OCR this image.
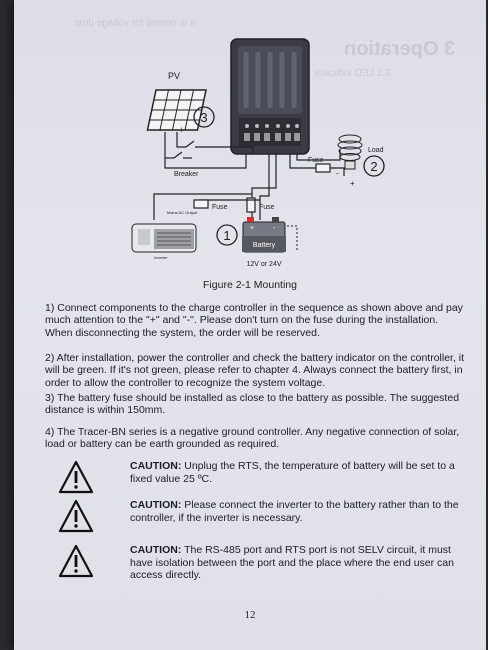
3 Operation
3.1 LED indicator
It is normal for voltage drop
PV
3
- +
Breaker
Fuse
Load
2
-
+
Fuse	Fuse
+	-
Battery
12V or 24V
1
Mains AC Output
Inverter
Figure 2-1 Mounting
1) Connect components to the charge controller in the sequence as shown above and pay much attention to the "+" and "-". Please don't turn on the fuse during the installation. When disconnecting the system, the order will be reserved.
2) After installation, power the controller and check the battery indicator on the controller, it will be green. If it's not green, please refer to chapter 4. Always connect the battery first, in order to allow the controller to recognize the system voltage.
3) The battery fuse should be installed as close to the battery as possible. The suggested distance is within 150mm.
4) The Tracer-BN series is a negative ground controller. Any negative connection of solar, load or battery can be earth grounded as required.
CAUTION: Unplug the RTS, the temperature of battery will be set to a fixed value 25 ºC.
CAUTION: Please connect the inverter to the battery rather than to the controller, if the inverter is necessary.
CAUTION: The RS-485 port and RTS port is not SELV circuit, it must have isolation between the port and the place where the end user can access directly.
12
